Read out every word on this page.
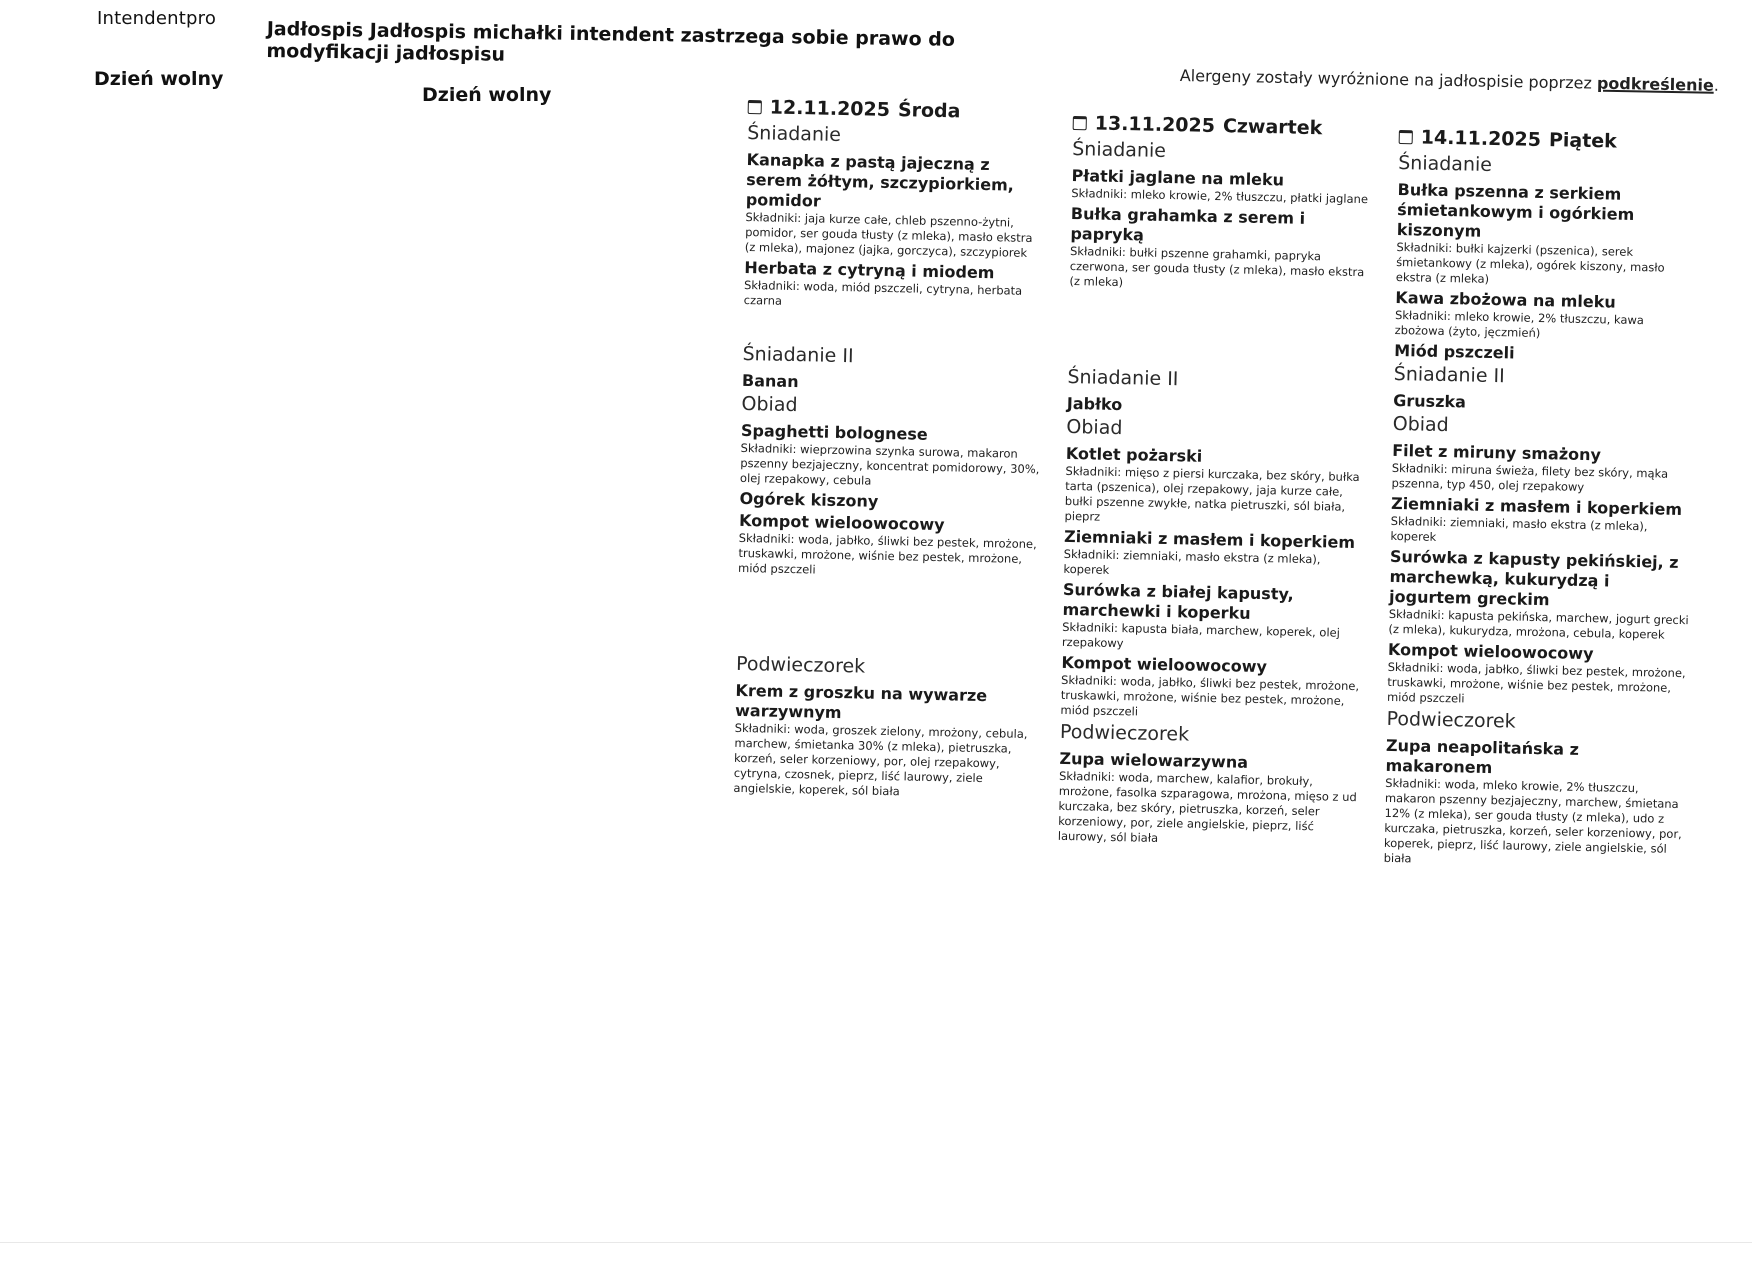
Intendentpro	Jadłospis Jadłospis michałki intendent zastrzega sobie prawo do modyfikacji jadłospisu
Dzień wolny
Dzień wolny
Alergeny zostały wyróżnione na jadłospisie poprzez podkreślenie.
12.11.2025 Środa
Śniadanie
Kanapka z pastą jajeczną z serem żółtym, szczypiorkiem, pomidor
Składniki: jaja kurze całe, chleb pszenno-żytni, pomidor, ser gouda tłusty (z mleka), masło ekstra (z mleka), majonez (jajka, gorczyca), szczypiorek
Herbata z cytryną i miodem
Składniki: woda, miód pszczeli, cytryna, herbata czarna
Śniadanie II
Banan
Obiad
Spaghetti bolognese
Składniki: wieprzowina szynka surowa, makaron pszenny bezjajeczny, koncentrat pomidorowy, 30%, olej rzepakowy, cebula
Ogórek kiszony
Kompot wieloowocowy
Składniki: woda, jabłko, śliwki bez pestek, mrożone, truskawki, mrożone, wiśnie bez pestek, mrożone, miód pszczeli
Podwieczorek
Krem z groszku na wywarze warzywnym
Składniki: woda, groszek zielony, mrożony, cebula, marchew, śmietanka 30% (z mleka), pietruszka, korzeń, seler korzeniowy, por, olej rzepakowy, cytryna, czosnek, pieprz, liść laurowy, ziele angielskie, koperek, sól biała
13.11.2025 Czwartek
Śniadanie
Płatki jaglane na mleku
Składniki: mleko krowie, 2% tłuszczu, płatki jaglane
Bułka grahamka z serem i papryką
Składniki: bułki pszenne grahamki, papryka czerwona, ser gouda tłusty (z mleka), masło ekstra (z mleka)
Śniadanie II
Jabłko
Obiad
Kotlet pożarski
Składniki: mięso z piersi kurczaka, bez skóry, bułka tarta (pszenica), olej rzepakowy, jaja kurze całe, bułki pszenne zwykłe, natka pietruszki, sól biała, pieprz
Ziemniaki z masłem i koperkiem
Składniki: ziemniaki, masło ekstra (z mleka), koperek
Surówka z białej kapusty, marchewki i koperku
Składniki: kapusta biała, marchew, koperek, olej rzepakowy
Kompot wieloowocowy
Składniki: woda, jabłko, śliwki bez pestek, mrożone, truskawki, mrożone, wiśnie bez pestek, mrożone, miód pszczeli
Podwieczorek
Zupa wielowarzywna
Składniki: woda, marchew, kalafior, brokuły, mrożone, fasolka szparagowa, mrożona, mięso z ud kurczaka, bez skóry, pietruszka, korzeń, seler korzeniowy, por, ziele angielskie, pieprz, liść laurowy, sól biała
14.11.2025 Piątek
Śniadanie
Bułka pszenna z serkiem śmietankowym i ogórkiem kiszonym
Składniki: bułki kajzerki (pszenica), serek śmietankowy (z mleka), ogórek kiszony, masło ekstra (z mleka)
Kawa zbożowa na mleku
Składniki: mleko krowie, 2% tłuszczu, kawa zbożowa (żyto, jęczmień)
Miód pszczeli
Śniadanie II
Gruszka
Obiad
Filet z miruny smażony
Składniki: miruna świeża, filety bez skóry, mąka pszenna, typ 450, olej rzepakowy
Ziemniaki z masłem i koperkiem
Składniki: ziemniaki, masło ekstra (z mleka), koperek
Surówka z kapusty pekińskiej, z marchewką, kukurydzą i jogurtem greckim
Składniki: kapusta pekińska, marchew, jogurt grecki (z mleka), kukurydza, mrożona, cebula, koperek
Kompot wieloowocowy
Składniki: woda, jabłko, śliwki bez pestek, mrożone, truskawki, mrożone, wiśnie bez pestek, mrożone, miód pszczeli
Podwieczorek
Zupa neapolitańska z makaronem
Składniki: woda, mleko krowie, 2% tłuszczu, makaron pszenny bezjajeczny, marchew, śmietana 12% (z mleka), ser gouda tłusty (z mleka), udo z kurczaka, pietruszka, korzeń, seler korzeniowy, por, koperek, pieprz, liść laurowy, ziele angielskie, sól biała
